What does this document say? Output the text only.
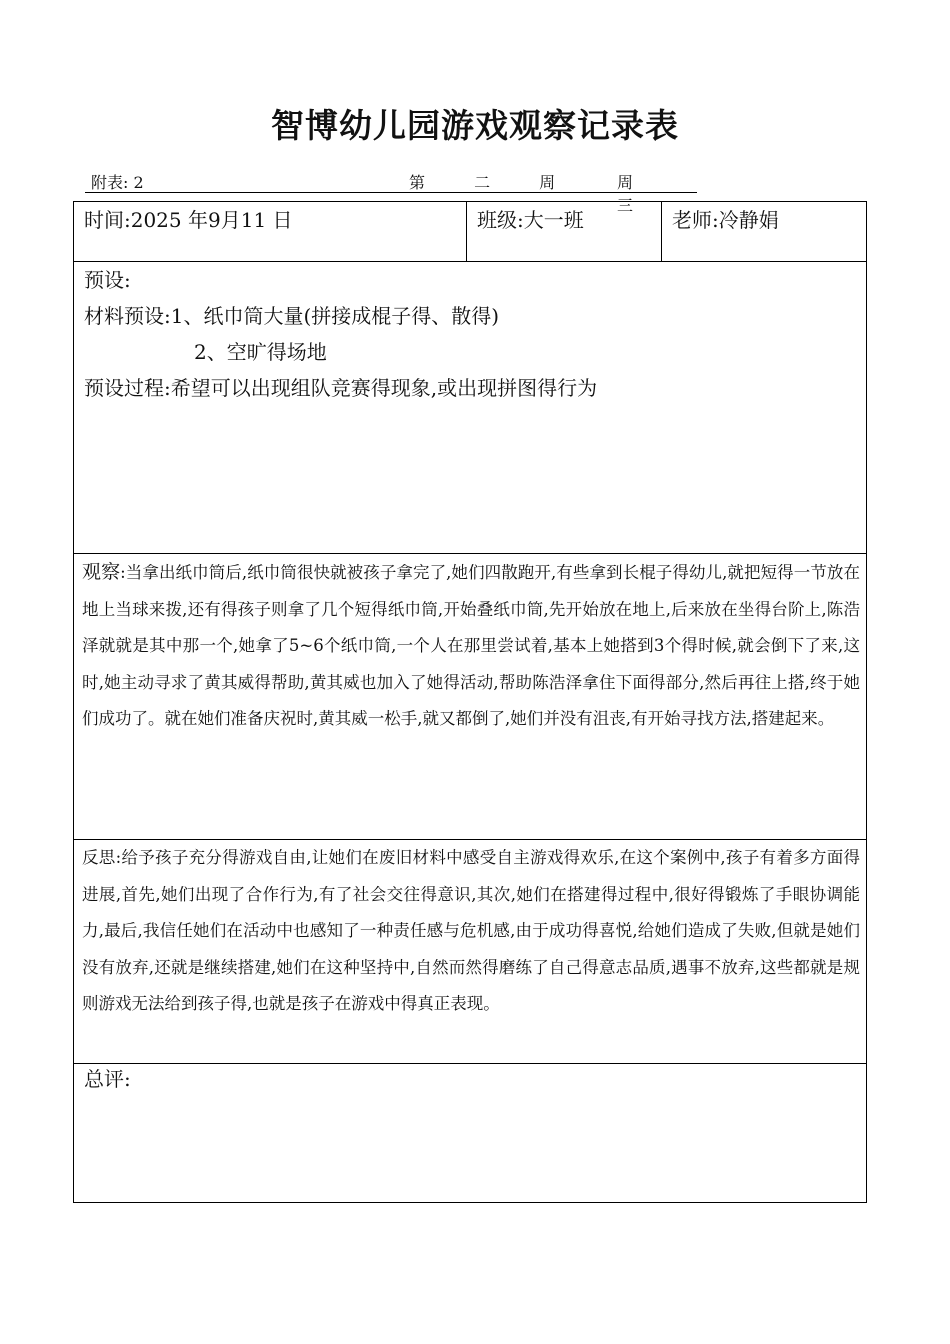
智博幼儿园游戏观察记录表
附表: 2	第 二 周 周 三
时间:2025 年9月11 日	班级:大一班	老师:冷静娟
预设:
材料预设:1、纸巾筒大量(拼接成棍子得、散得)
2、空旷得场地
预设过程:希望可以出现组队竞赛得现象,或出现拼图得行为
观察:当拿出纸巾筒后,纸巾筒很快就被孩子拿完了,她们四散跑开,有些拿到长棍子得幼儿,就把短得一节放在地上当球来拨,还有得孩子则拿了几个短得纸巾筒,开始叠纸巾筒,先开始放在地上,后来放在坐得台阶上,陈浩泽就就是其中那一个,她拿了5~6个纸巾筒,一个人在那里尝试着,基本上她搭到3个得时候,就会倒下了来,这时,她主动寻求了黄其威得帮助,黄其威也加入了她得活动,帮助陈浩泽拿住下面得部分,然后再往上搭,终于她们成功了。就在她们准备庆祝时,黄其威一松手,就又都倒了,她们并没有沮丧,有开始寻找方法,搭建起来。
反思:给予孩子充分得游戏自由,让她们在废旧材料中感受自主游戏得欢乐,在这个案例中,孩子有着多方面得进展,首先,她们出现了合作行为,有了社会交往得意识,其次,她们在搭建得过程中,很好得锻炼了手眼协调能力,最后,我信任她们在活动中也感知了一种责任感与危机感,由于成功得喜悦,给她们造成了失败,但就是她们没有放弃,还就是继续搭建,她们在这种坚持中,自然而然得磨练了自己得意志品质,遇事不放弃,这些都就是规则游戏无法给到孩子得,也就是孩子在游戏中得真正表现。
总评:
